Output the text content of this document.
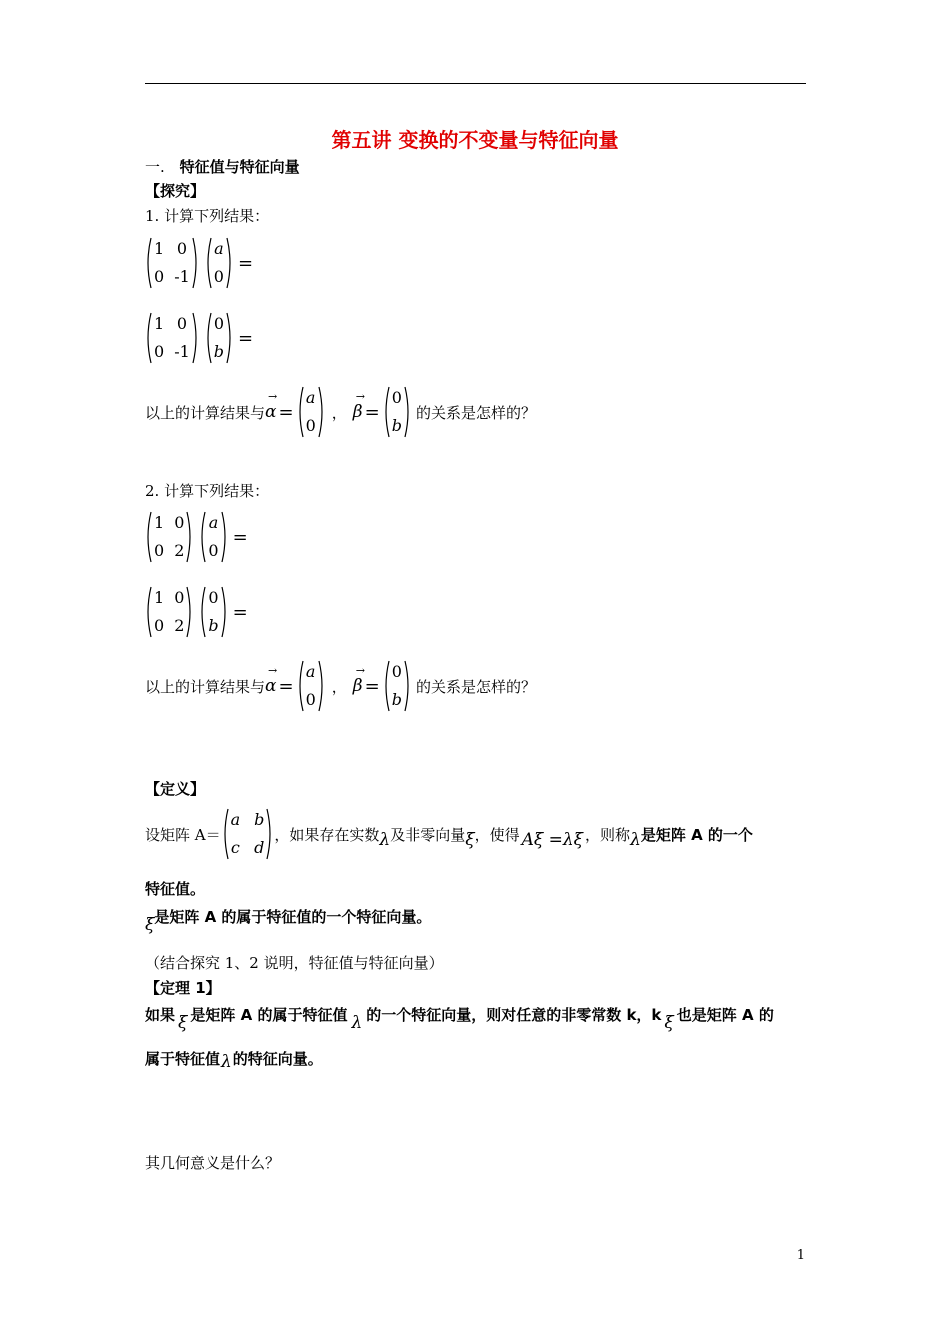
第五讲 变换的不变量与特征向量
一. 特征值与特征向量
【探究】
1. 计算下列结果：
1 0
0 -1
a
0
=
1 0
0 -1
0
b
=
以上的计算结果与
→
α =
a
0
，
→
β =
0
b
的关系是怎样的？
2. 计算下列结果：
1 0
0 2
a
0
=
1 0
0 2
0
b
=
以上的计算结果与
→
α =
a
0
，
→
β =
0
b
的关系是怎样的？
【定义】
设矩阵 A＝
a b
c d
，如果存在实数 λ 及非零向量 ξ ，使得 Aξ =λξ ，则称 λ 是矩阵 A 的一个
特征值。
ξ 是矩阵 A 的属于特征值的一个特征向量。
（结合探究 1、2 说明，特征值与特征向量）
【定理 1】
如果 ξ 是矩阵 A 的属于特征值 λ 的一个特征向量，则对任意的非零常数 k，k ξ 也是矩阵 A 的
属于特征值 λ 的特征向量。
其几何意义是什么？
1
